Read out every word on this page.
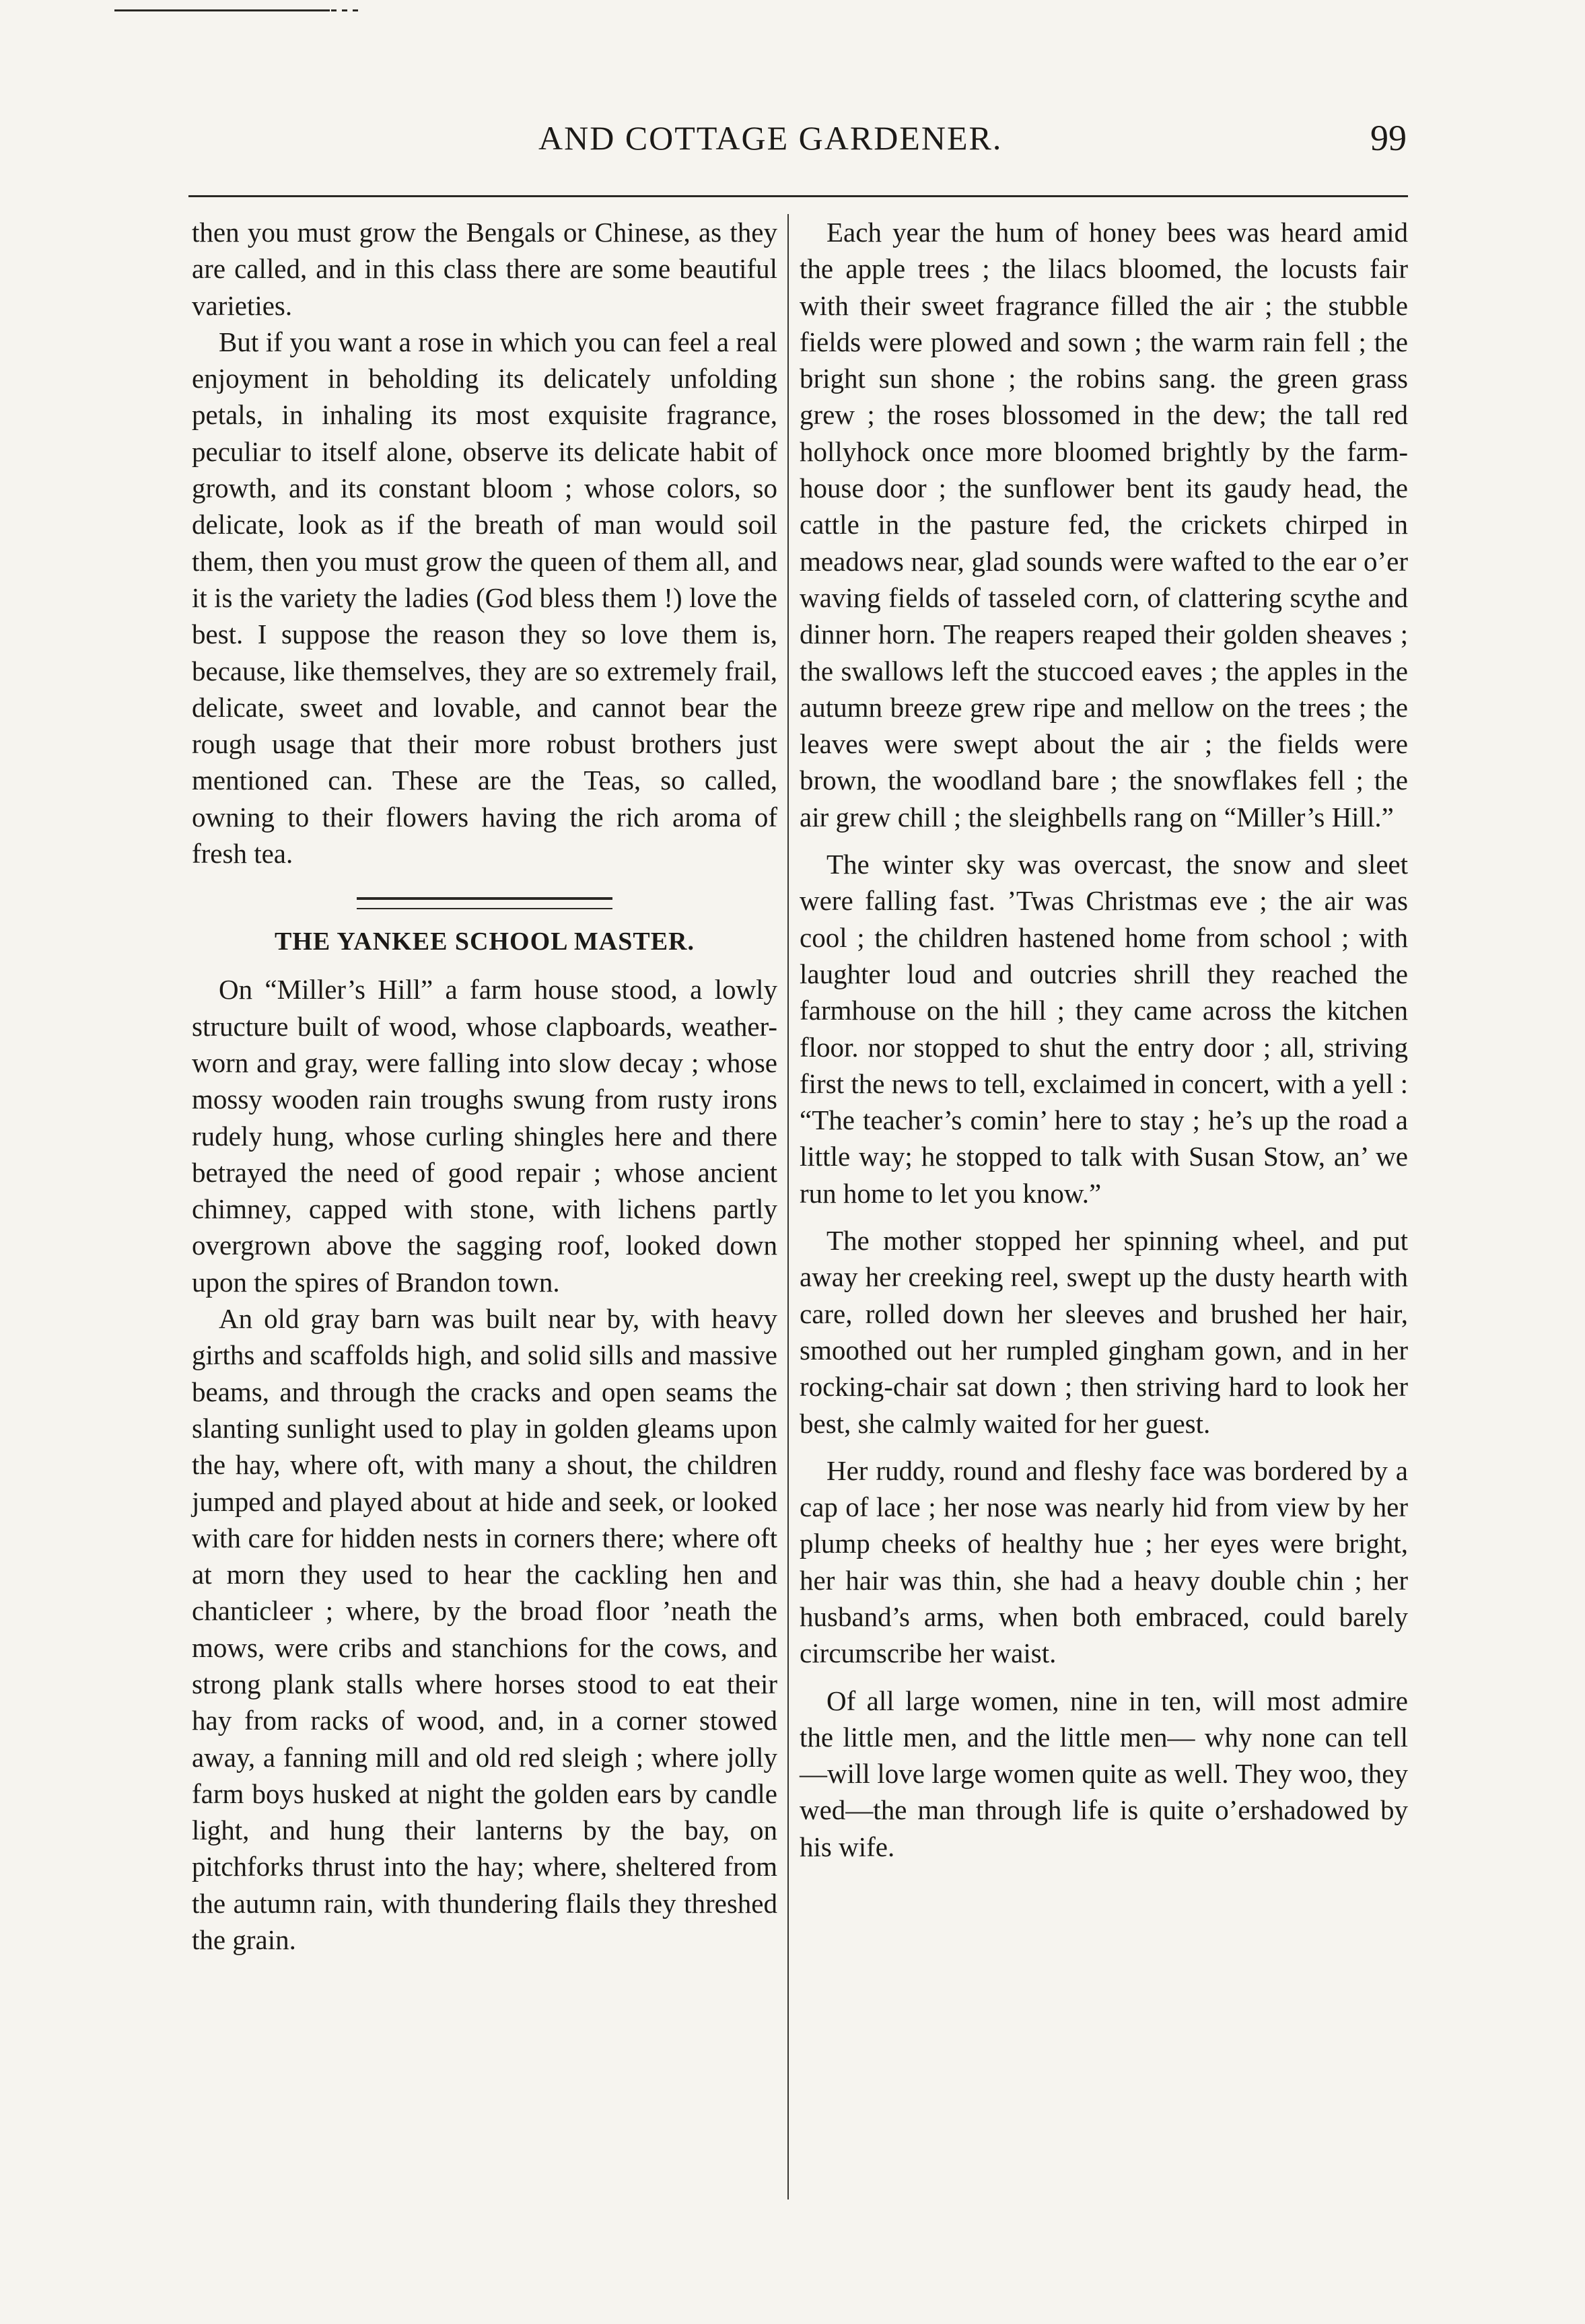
AND COTTAGE GARDENER.	99

then you must grow the Bengals or Chinese, as they are called, and in this class there are some beautiful varieties.

But if you want a rose in which you can feel a real enjoyment in beholding its delicately unfolding petals, in inhaling its most exquisite fragrance, peculiar to itself alone, observe its delicate habit of growth, and its constant bloom ; whose colors, so delicate, look as if the breath of man would soil them, then you must grow the queen of them all, and it is the variety the ladies (God bless them !) love the best. I suppose the reason they so love them is, because, like themselves, they are so extremely frail, delicate, sweet and lovable, and cannot bear the rough usage that their more robust brothers just mentioned can. These are the Teas, so called, owning to their flowers having the rich aroma of fresh tea.

THE YANKEE SCHOOL MASTER.

On “Miller’s Hill” a farm house stood, a lowly structure built of wood, whose clapboards, weather-worn and gray, were falling into slow decay ; whose mossy wooden rain troughs swung from rusty irons rudely hung, whose curling shingles here and there betrayed the need of good repair ; whose ancient chimney, capped with stone, with lichens partly overgrown above the sagging roof, looked down upon the spires of Brandon town.

An old gray barn was built near by, with heavy girths and scaffolds high, and solid sills and massive beams, and through the cracks and open seams the slanting sunlight used to play in golden gleams upon the hay, where oft, with many a shout, the children jumped and played about at hide and seek, or looked with care for hidden nests in corners there; where oft at morn they used to hear the cackling hen and chanticleer ; where, by the broad floor ’neath the mows, were cribs and stanchions for the cows, and strong plank stalls where horses stood to eat their hay from racks of wood, and, in a corner stowed away, a fanning mill and old red sleigh ; where jolly farm boys husked at night the golden ears by candle light, and hung their lanterns by the bay, on pitchforks thrust into the hay; where, sheltered from the autumn rain, with thundering flails they threshed the grain.

Each year the hum of honey bees was heard amid the apple trees ; the lilacs bloomed, the locusts fair with their sweet fragrance filled the air ; the stubble fields were plowed and sown ; the warm rain fell ; the bright sun shone ; the robins sang. the green grass grew ; the roses blossomed in the dew; the tall red hollyhock once more bloomed brightly by the farm-house door ; the sunflower bent its gaudy head, the cattle in the pasture fed, the crickets chirped in meadows near, glad sounds were wafted to the ear o’er waving fields of tasseled corn, of clattering scythe and dinner horn. The reapers reaped their golden sheaves ; the swallows left the stuccoed eaves ; the apples in the autumn breeze grew ripe and mellow on the trees ; the leaves were swept about the air ; the fields were brown, the woodland bare ; the snowflakes fell ; the air grew chill ; the sleighbells rang on “Miller’s Hill.”

The winter sky was overcast, the snow and sleet were falling fast. ’Twas Christmas eve ; the air was cool ; the children hastened home from school ; with laughter loud and outcries shrill they reached the farmhouse on the hill ; they came across the kitchen floor. nor stopped to shut the entry door ; all, striving first the news to tell, exclaimed in concert, with a yell : “The teacher’s comin’ here to stay ; he’s up the road a little way; he stopped to talk with Susan Stow, an’ we run home to let you know.”

The mother stopped her spinning wheel, and put away her creeking reel, swept up the dusty hearth with care, rolled down her sleeves and brushed her hair, smoothed out her rumpled gingham gown, and in her rocking-chair sat down ; then striving hard to look her best, she calmly waited for her guest.

Her ruddy, round and fleshy face was bordered by a cap of lace ; her nose was nearly hid from view by her plump cheeks of healthy hue ; her eyes were bright, her hair was thin, she had a heavy double chin ; her husband’s arms, when both embraced, could barely circumscribe her waist.

Of all large women, nine in ten, will most admire the little men, and the little men— why none can tell—will love large women quite as well. They woo, they wed—the man through life is quite o’ershadowed by his wife.
